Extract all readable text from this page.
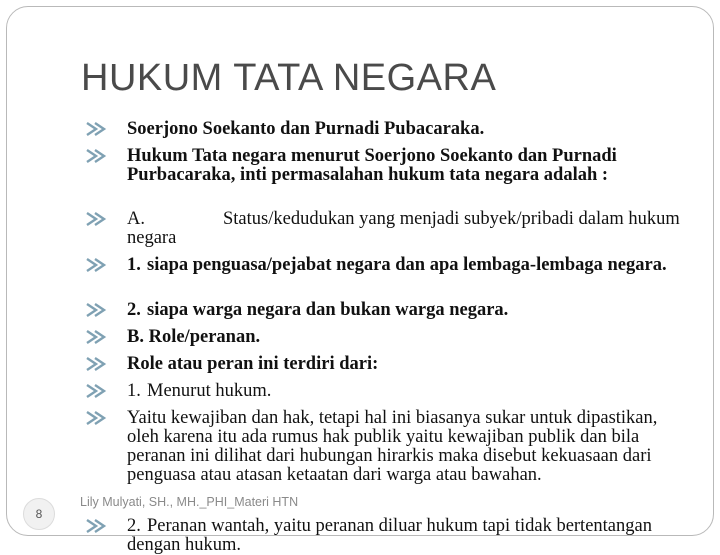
HUKUM TATA NEGARA
Soerjono Soekanto dan Purnadi Pubacaraka.
Hukum Tata negara menurut Soerjono Soekanto dan Purnadi Purbacaraka, inti permasalahan hukum tata negara adalah :
A.	Status/kedudukan yang menjadi subyek/pribadi dalam hukum negara
1. siapa penguasa/pejabat negara dan apa lembaga-lembaga negara.
2. siapa warga negara dan bukan warga negara.
B. Role/peranan.
Role atau peran ini terdiri dari:
1. Menurut hukum.
Yaitu kewajiban dan hak, tetapi hal ini biasanya sukar untuk dipastikan, oleh karena itu ada rumus hak publik yaitu kewajiban publik dan bila peranan ini dilihat dari hubungan hirarkis maka disebut kekuasaan dari penguasa atau atasan ketaatan dari warga atau bawahan.
2. Peranan wantah, yaitu peranan diluar hukum tapi tidak bertentangan dengan hukum.

Lily Mulyati, SH., MH._PHI_Materi HTN

8
